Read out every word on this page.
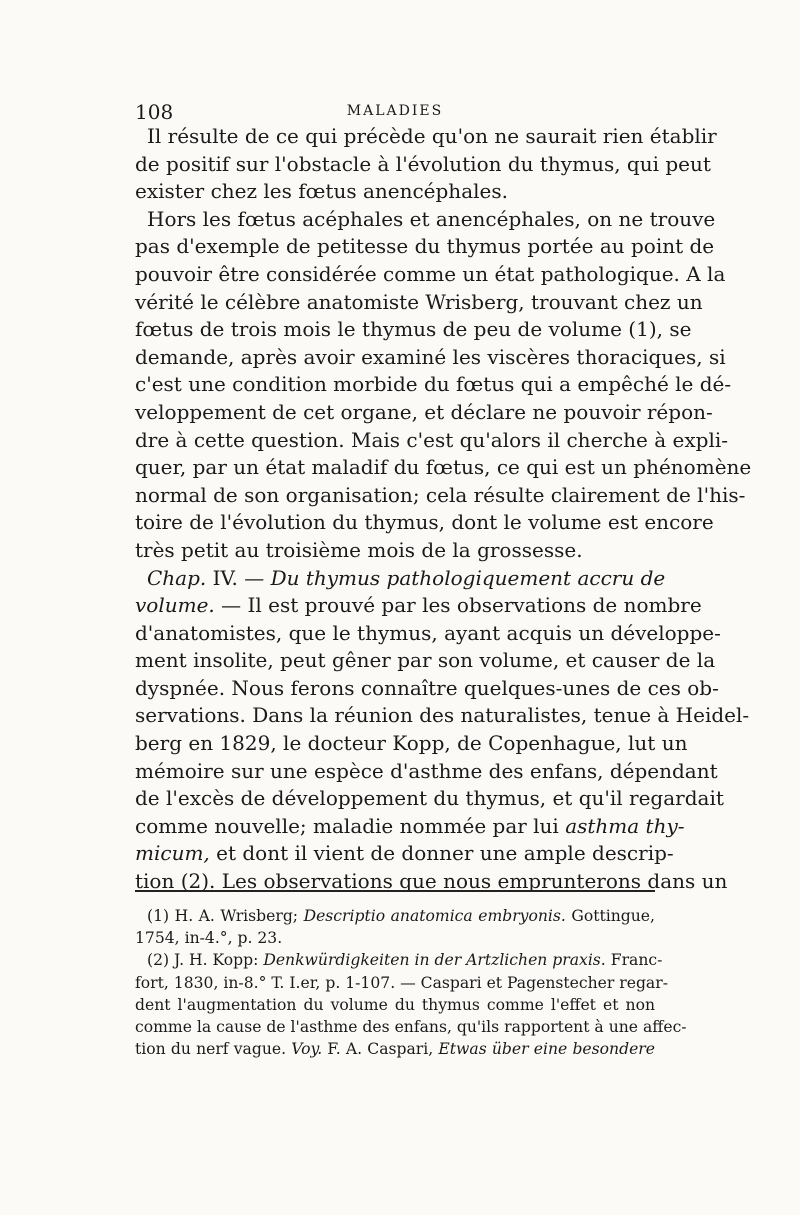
108	MALADIES
Il résulte de ce qui précède qu'on ne saurait rien établir
de positif sur l'obstacle à l'évolution du thymus, qui peut
exister chez les fœtus anencéphales.
Hors les fœtus acéphales et anencéphales, on ne trouve
pas d'exemple de petitesse du thymus portée au point de
pouvoir être considérée comme un état pathologique. A la
vérité le célèbre anatomiste Wrisberg, trouvant chez un
fœtus de trois mois le thymus de peu de volume (1), se
demande, après avoir examiné les viscères thoraciques, si
c'est une condition morbide du fœtus qui a empêché le dé-
veloppement de cet organe, et déclare ne pouvoir répon-
dre à cette question. Mais c'est qu'alors il cherche à expli-
quer, par un état maladif du fœtus, ce qui est un phénomène
normal de son organisation; cela résulte clairement de l'his-
toire de l'évolution du thymus, dont le volume est encore
très petit au troisième mois de la grossesse.
Chap. IV. — Du thymus pathologiquement accru de
volume. — Il est prouvé par les observations de nombre
d'anatomistes, que le thymus, ayant acquis un développe-
ment insolite, peut gêner par son volume, et causer de la
dyspnée. Nous ferons connaître quelques-unes de ces ob-
servations. Dans la réunion des naturalistes, tenue à Heidel-
berg en 1829, le docteur Kopp, de Copenhague, lut un
mémoire sur une espèce d'asthme des enfans, dépendant
de l'excès de développement du thymus, et qu'il regardait
comme nouvelle; maladie nommée par lui asthma thy-
micum, et dont il vient de donner une ample descrip-
tion (2). Les observations que nous emprunterons dans un
(1) H. A. Wrisberg; Descriptio anatomica embryonis. Gottingue,
1754, in-4.°, p. 23.
(2) J. H. Kopp: Denkwürdigkeiten in der Artzlichen praxis. Franc-
fort, 1830, in-8.° T. I.er, p. 1-107. — Caspari et Pagenstecher regar-
dent l'augmentation du volume du thymus comme l'effet et non
comme la cause de l'asthme des enfans, qu'ils rapportent à une affec-
tion du nerf vague. Voy. F. A. Caspari, Etwas über eine besondere
